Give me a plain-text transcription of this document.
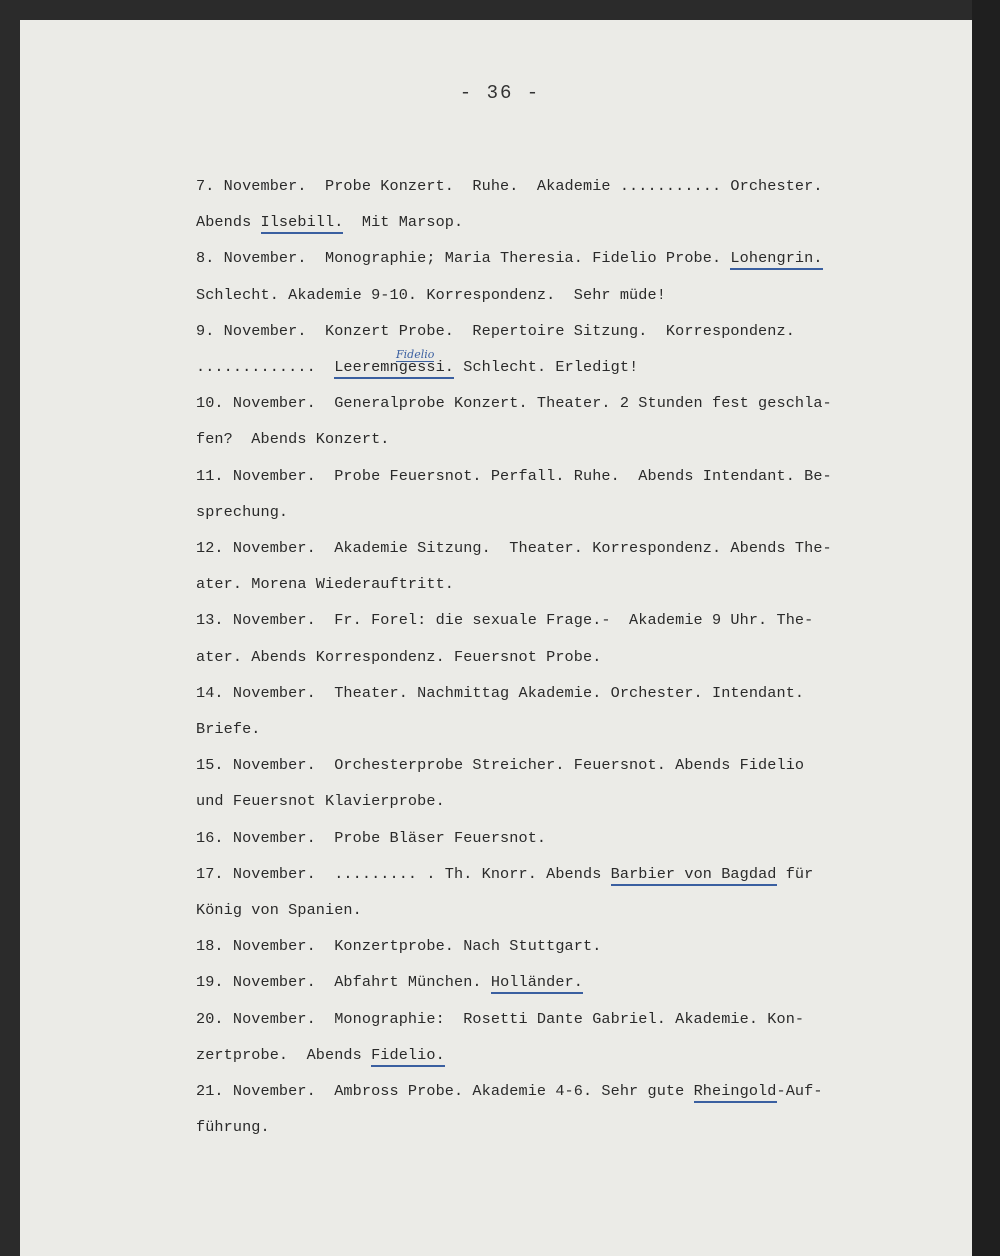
- 36 -
Fidelio
7. November.  Probe Konzert.  Ruhe.  Akademie ........... Orchester.
Abends Ilsebill.  Mit Marsop.
8. November.  Monographie; Maria Theresia. Fidelio Probe. Lohengrin.
Schlecht. Akademie 9-10. Korrespondenz.  Sehr müde!
9. November.  Konzert Probe.  Repertoire Sitzung.  Korrespondenz.
.............  Leeremngessi. Schlecht. Erledigt!
10. November.  Generalprobe Konzert. Theater. 2 Stunden fest geschla-
fen?  Abends Konzert.
11. November.  Probe Feuersnot. Perfall. Ruhe.  Abends Intendant. Be-
sprechung.
12. November.  Akademie Sitzung.  Theater. Korrespondenz. Abends The-
ater. Morena Wiederauftritt.
13. November.  Fr. Forel: die sexuale Frage.-  Akademie 9 Uhr. The-
ater. Abends Korrespondenz. Feuersnot Probe.
14. November.  Theater. Nachmittag Akademie. Orchester. Intendant.
Briefe.
15. November.  Orchesterprobe Streicher. Feuersnot. Abends Fidelio
und Feuersnot Klavierprobe.
16. November.  Probe Bläser Feuersnot.
17. November.  ......... . Th. Knorr. Abends Barbier von Bagdad für
König von Spanien.
18. November.  Konzertprobe. Nach Stuttgart.
19. November.  Abfahrt München. Holländer.
20. November.  Monographie:  Rosetti Dante Gabriel. Akademie. Kon-
zertprobe.  Abends Fidelio.
21. November.  Ambross Probe. Akademie 4-6. Sehr gute Rheingold-Auf-
führung.
